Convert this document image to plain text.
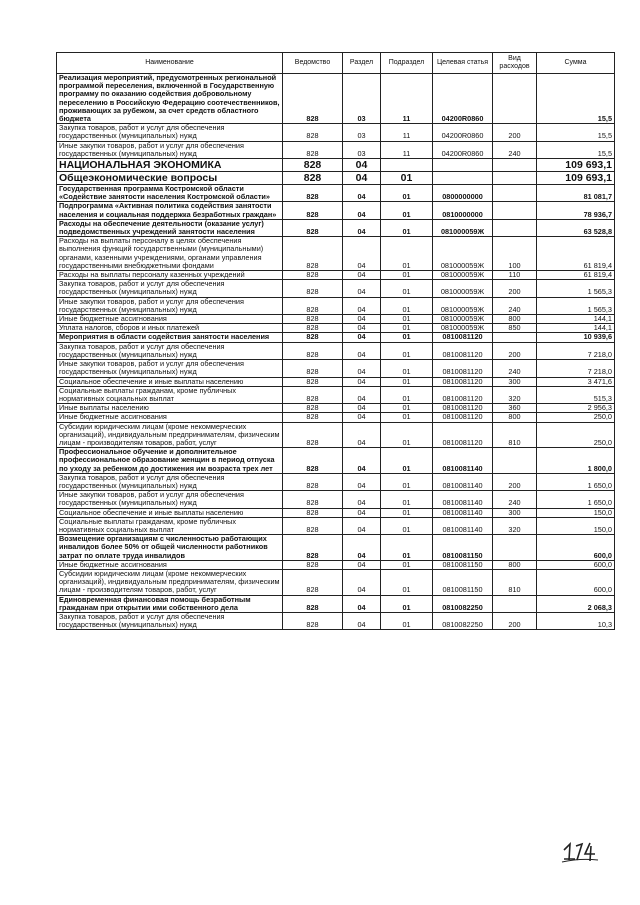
Наименование	Ведомство	Раздел	Подраздел	Целевая статья	Вид расходов	Сумма
Реализация мероприятий, предусмотренных региональной программой переселения, включенной в Государственную программу по оказанию содействия добровольному переселению в Российскую Федерацию соотечественников, проживающих за рубежом, за счет средств областного бюджета	828	03	11	04200R0860		15,5
Закупка товаров, работ и услуг для обеспечения государственных (муниципальных) нужд	828	03	11	04200R0860	200	15,5
Иные закупки товаров, работ и услуг для обеспечения государственных (муниципальных) нужд	828	03	11	04200R0860	240	15,5
НАЦИОНАЛЬНАЯ ЭКОНОМИКА	828	04				109 693,1
Общеэкономические вопросы	828	04	01			109 693,1
Государственная программа Костромской области «Содействие занятости населения Костромской области»	828	04	01	0800000000		81 081,7
Подпрограмма «Активная политика содействия занятости населения и социальная поддержка безработных граждан»	828	04	01	0810000000		78 936,7
Расходы на обеспечение деятельности (оказание услуг) подведомственных учреждений занятости населения	828	04	01	081000059Ж		63 528,8
Расходы на выплаты персоналу в целях обеспечения выполнения функций государственными (муниципальными) органами, казенными учреждениями, органами управления государственными внебюджетными фондами	828	04	01	081000059Ж	100	61 819,4
Расходы на выплаты персоналу казенных учреждений	828	04	01	081000059Ж	110	61 819,4
Закупка товаров, работ и услуг для обеспечения государственных (муниципальных) нужд	828	04	01	081000059Ж	200	1 565,3
Иные закупки товаров, работ и услуг для обеспечения государственных (муниципальных) нужд	828	04	01	081000059Ж	240	1 565,3
Иные бюджетные ассигнования	828	04	01	081000059Ж	800	144,1
Уплата налогов, сборов и иных платежей	828	04	01	081000059Ж	850	144,1
Мероприятия в области содействия занятости населения	828	04	01	0810081120		10 939,6
Закупка товаров, работ и услуг для обеспечения государственных (муниципальных) нужд	828	04	01	0810081120	200	7 218,0
Иные закупки товаров, работ и услуг для обеспечения государственных (муниципальных) нужд	828	04	01	0810081120	240	7 218,0
Социальное обеспечение и иные выплаты населению	828	04	01	0810081120	300	3 471,6
Социальные выплаты гражданам, кроме публичных нормативных социальных выплат	828	04	01	0810081120	320	515,3
Иные выплаты населению	828	04	01	0810081120	360	2 956,3
Иные бюджетные ассигнования	828	04	01	0810081120	800	250,0
Субсидии юридическим лицам (кроме некоммерческих организаций), индивидуальным предпринимателям, физическим лицам - производителям товаров, работ, услуг	828	04	01	0810081120	810	250,0
Профессиональное обучение и дополнительное профессиональное образование женщин в период отпуска по уходу за ребенком до достижения им возраста трех лет	828	04	01	0810081140		1 800,0
Закупка товаров, работ и услуг для обеспечения государственных (муниципальных) нужд	828	04	01	0810081140	200	1 650,0
Иные закупки товаров, работ и услуг для обеспечения государственных (муниципальных) нужд	828	04	01	0810081140	240	1 650,0
Социальное обеспечение и иные выплаты населению	828	04	01	0810081140	300	150,0
Социальные выплаты гражданам, кроме публичных нормативных социальных выплат	828	04	01	0810081140	320	150,0
Возмещение организациям с численностью работающих инвалидов более 50% от общей численности работников затрат по оплате труда инвалидов	828	04	01	0810081150		600,0
Иные бюджетные ассигнования	828	04	01	0810081150	800	600,0
Субсидии юридическим лицам (кроме некоммерческих организаций), индивидуальным предпринимателям, физическим лицам - производителям товаров, работ, услуг	828	04	01	0810081150	810	600,0
Единовременная финансовая помощь безработным гражданам при открытии ими собственного дела	828	04	01	0810082250		2 068,3
Закупка товаров, работ и услуг для обеспечения государственных (муниципальных) нужд	828	04	01	0810082250	200	10,3
